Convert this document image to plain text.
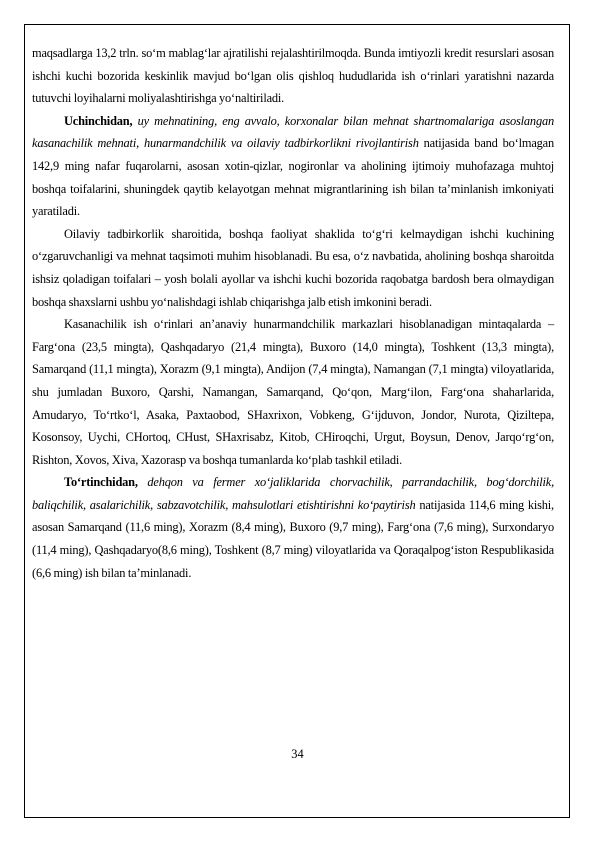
maqsadlarga 13,2 trln. so‘m mablag‘lar ajratilishi rejalashtirilmoqda. Bunda imtiyozli kredit resurslari asosan ishchi kuchi bozorida keskinlik mavjud bo‘lgan olis qishloq hududlarida ish o‘rinlari yaratishni nazarda tutuvchi loyihalarni moliyalashtirishga yo‘naltiriladi.

Uchinchidan, uy mehnatining, eng avvalo, korxonalar bilan mehnat shartnomalariga asoslangan kasanachilik mehnati, hunarmandchilik va oilaviy tadbirkorlikni rivojlantirish natijasida band bo‘lmagan 142,9 ming nafar fuqarolarni, asosan xotin-qizlar, nogironlar va aholining ijtimoiy muhofazaga muhtoj boshqa toifalarini, shuningdek qaytib kelayotgan mehnat migrantlarining ish bilan ta’minlanish imkoniyati yaratiladi.

Oilaviy tadbirkorlik sharoitida, boshqa faoliyat shaklida to‘g‘ri kelmaydigan ishchi kuchining o‘zgaruvchanligi va mehnat taqsimoti muhim hisoblanadi. Bu esa, o‘z navbatida, aholining boshqa sharoitda ishsiz qoladigan toifalari – yosh bolali ayollar va ishchi kuchi bozorida raqobatga bardosh bera olmaydigan boshqa shaxslarni ushbu yo‘nalishdagi ishlab chiqarishga jalb etish imkonini beradi.

Kasanachilik ish o‘rinlari an’anaviy hunarmandchilik markazlari hisoblanadigan mintaqalarda – Farg‘ona (23,5 mingta), Qashqadaryo (21,4 mingta), Buxoro (14,0 mingta), Toshkent (13,3 mingta), Samarqand (11,1 mingta), Xorazm (9,1 mingta), Andijon (7,4 mingta), Namangan (7,1 mingta) viloyatlarida, shu jumladan Buxoro, Qarshi, Namangan, Samarqand, Qo‘qon, Marg‘ilon, Farg‘ona shaharlarida, Amudaryo, To‘rtko‘l, Asaka, Paxtaobod, SHaxrixon, Vobkeng, G‘ijduvon, Jondor, Nurota, Qiziltepa, Kosonsoy, Uychi, CHortoq, CHust, SHaxrisabz, Kitob, CHiroqchi, Urgut, Boysun, Denov, Jarqo‘rg‘on, Rishton, Xovos, Xiva, Xazorasp va boshqa tumanlarda ko‘plab tashkil etiladi.

To‘rtinchidan, dehqon va fermer xo‘jaliklarida chorvachilik, parrandachilik, bog‘dorchilik, baliqchilik, asalarichilik, sabzavotchilik, mahsulotlari etishtirishni ko‘paytirish natijasida 114,6 ming kishi, asosan Samarqand (11,6 ming), Xorazm (8,4 ming), Buxoro (9,7 ming), Farg‘ona (7,6 ming), Surxondaryo (11,4 ming), Qashqadaryo(8,6 ming), Toshkent (8,7 ming) viloyatlarida va Qoraqalpog‘iston Respublikasida (6,6 ming) ish bilan ta’minlanadi.

34
